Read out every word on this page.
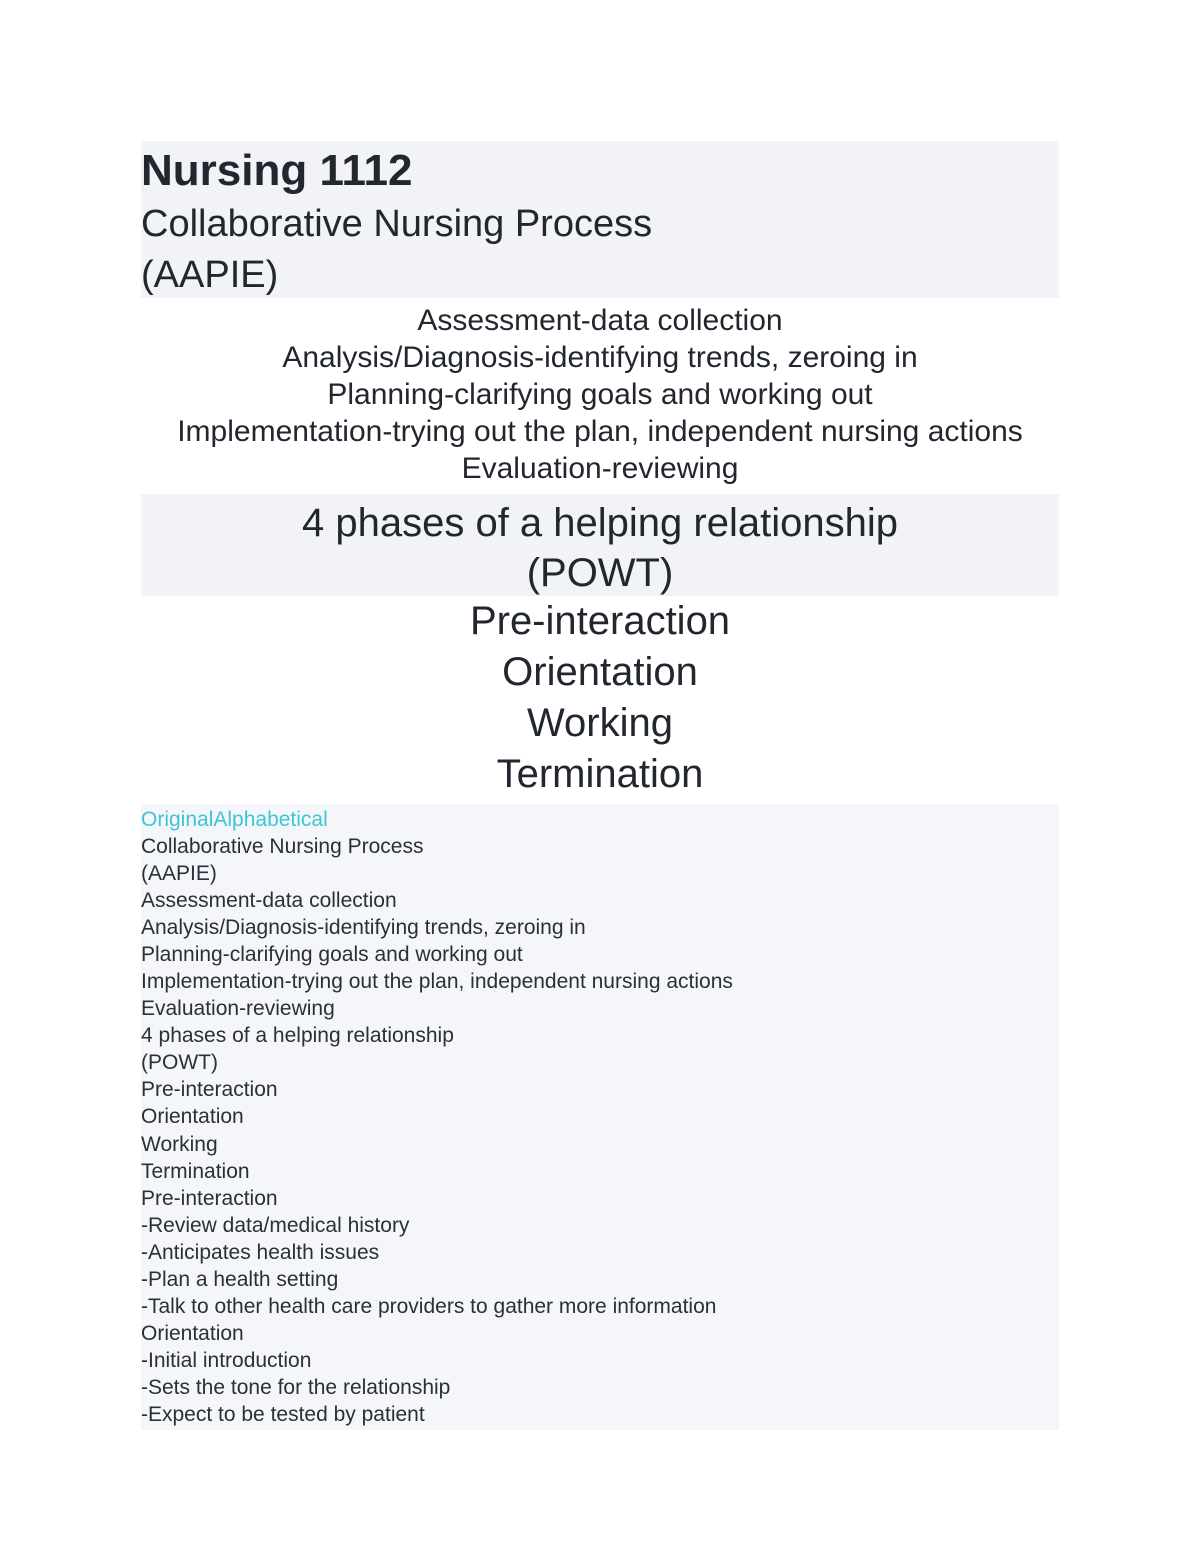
Nursing 1112
Collaborative Nursing Process
(AAPIE)
Assessment-data collection
Analysis/Diagnosis-identifying trends, zeroing in
Planning-clarifying goals and working out
Implementation-trying out the plan, independent nursing actions
Evaluation-reviewing
4 phases of a helping relationship
(POWT)
Pre-interaction
Orientation
Working
Termination
OriginalAlphabetical
Collaborative Nursing Process
(AAPIE)
Assessment-data collection
Analysis/Diagnosis-identifying trends, zeroing in
Planning-clarifying goals and working out
Implementation-trying out the plan, independent nursing actions
Evaluation-reviewing
4 phases of a helping relationship
(POWT)
Pre-interaction
Orientation
Working
Termination
Pre-interaction
-Review data/medical history
-Anticipates health issues
-Plan a health setting
-Talk to other health care providers to gather more information
Orientation
-Initial introduction
-Sets the tone for the relationship
-Expect to be tested by patient
